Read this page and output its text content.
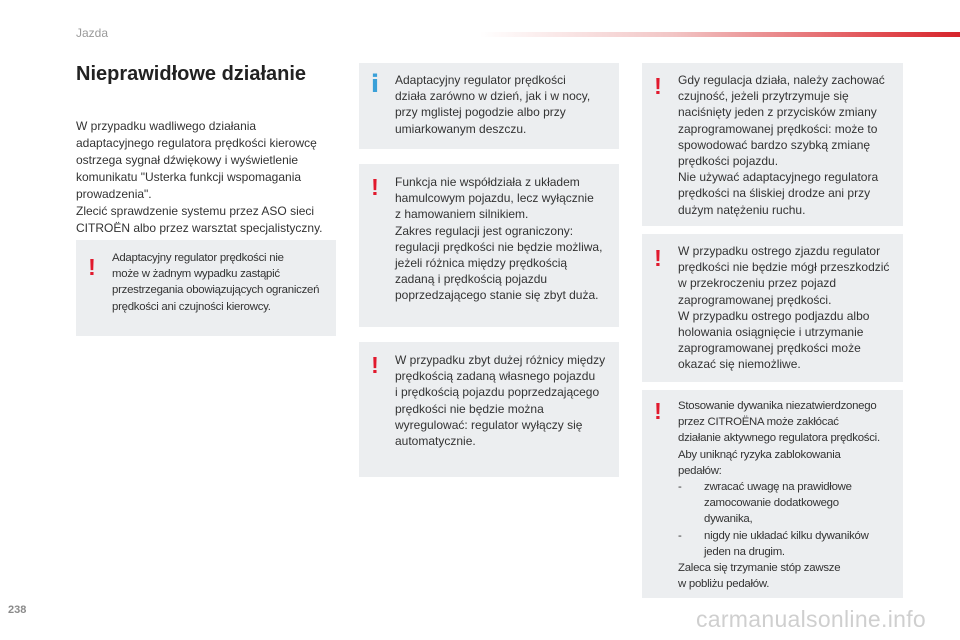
Jazda
Nieprawidłowe działanie

W przypadku wadliwego działania

adaptacyjnego regulatora prędkości kierowcę

ostrzega sygnał dźwiękowy i wyświetlenie

komunikatu "Usterka funkcji wspomagania

prowadzenia".

Zlecić sprawdzenie systemu przez ASO sieci

CITROËN albo przez warsztat specjalistyczny.

! Adaptacyjny regulator prędkości nie

może w żadnym wypadku zastąpić

przestrzegania obowiązujących ograniczeń

prędkości ani czujności kierowcy.

i Adaptacyjny regulator prędkości

działa zarówno w dzień, jak i w nocy,

przy mglistej pogodzie albo przy

umiarkowanym deszczu.

! Funkcja nie współdziała z układem

hamulcowym pojazdu, lecz wyłącznie

z hamowaniem silnikiem.

Zakres regulacji jest ograniczony:

regulacji prędkości nie będzie możliwa,

jeżeli różnica między prędkością

zadaną i prędkością pojazdu

poprzedzającego stanie się zbyt duża.

! W przypadku zbyt dużej różnicy między

prędkością zadaną własnego pojazdu

i prędkością pojazdu poprzedzającego

prędkości nie będzie można

wyregulować: regulator wyłączy się

automatycznie.

! Gdy regulacja działa, należy zachować

czujność, jeżeli przytrzymuje się

naciśnięty jeden z przycisków zmiany

zaprogramowanej prędkości: może to

spowodować bardzo szybką zmianę

prędkości pojazdu.

Nie używać adaptacyjnego regulatora

prędkości na śliskiej drodze ani przy

dużym natężeniu ruchu.

! W przypadku ostrego zjazdu regulator

prędkości nie będzie mógł przeszkodzić

w przekroczeniu przez pojazd

zaprogramowanej prędkości.

W przypadku ostrego podjazdu albo

holowania osiągnięcie i utrzymanie

zaprogramowanej prędkości może

okazać się niemożliwe.

! Stosowanie dywanika niezatwierdzonego

przez CITROËNA może zakłócać

działanie aktywnego regulatora prędkości.

Aby uniknąć ryzyka zablokowania

pedałów:

-	zwracać uwagę na prawidłowe
zamocowanie dodatkowego
dywanika,
-	nigdy nie układać kilku dywaników
jeden na drugim.

Zaleca się trzymanie stóp zawsze

w pobliżu pedałów.

238	carmanualsonline.info
